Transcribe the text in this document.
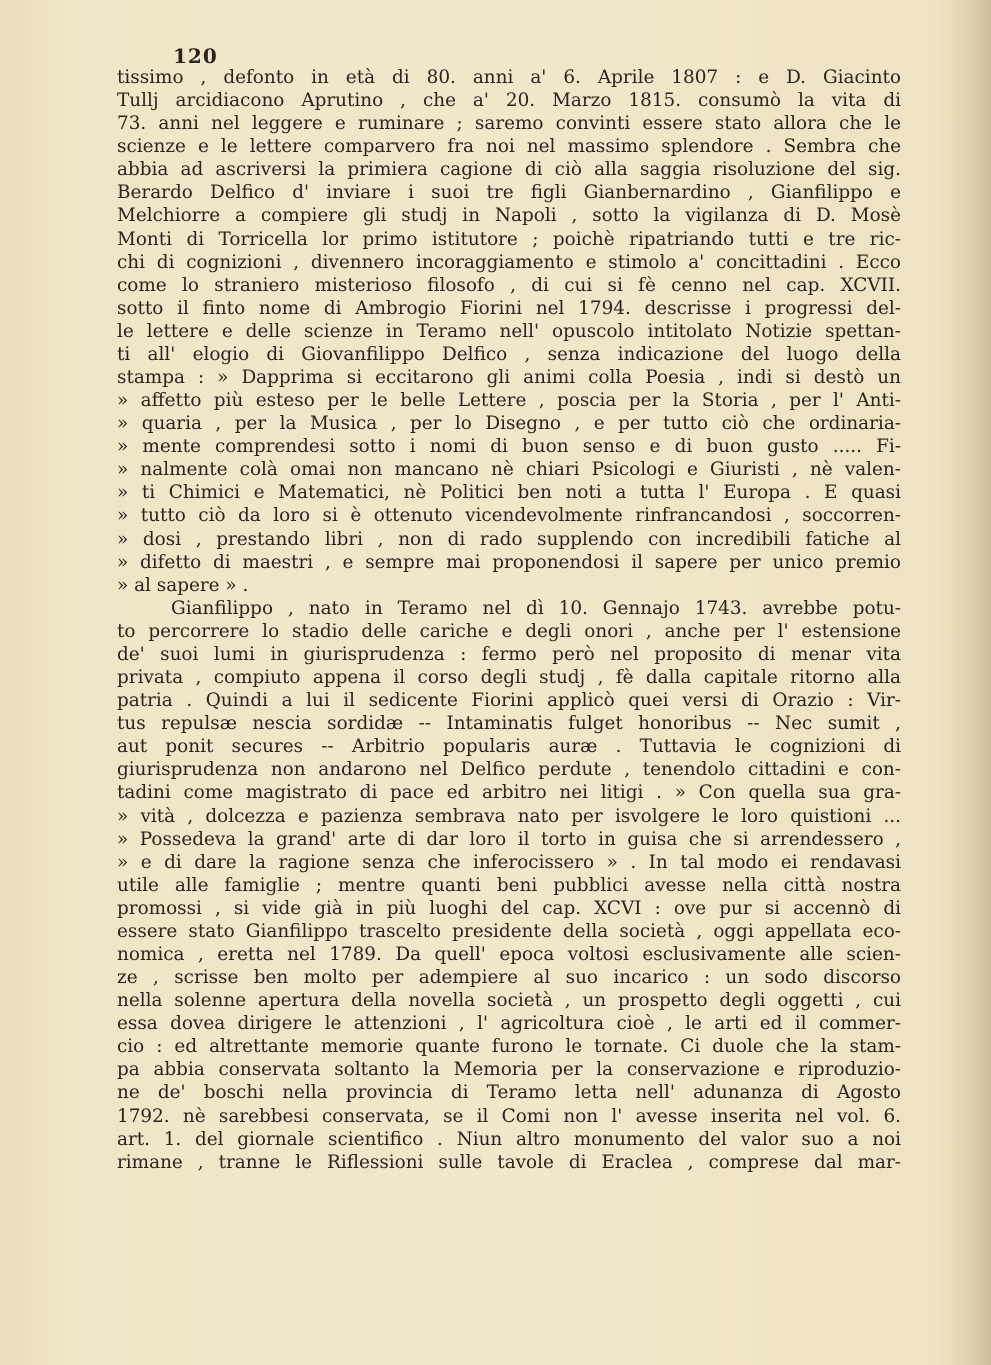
120
tissimo , defonto in età di 80. anni a' 6. Aprile 1807 : e D. Giacinto
Tullj arcidiacono Aprutino , che a' 20. Marzo 1815. consumò la vita di
73. anni nel leggere e ruminare ; saremo convinti essere stato allora che le
scienze e le lettere comparvero fra noi nel massimo splendore . Sembra che
abbia ad ascriversi la primiera cagione di ciò alla saggia risoluzione del sig.
Berardo Delfico d' inviare i suoi tre figli Gianbernardino , Gianfilippo e
Melchiorre a compiere gli studj in Napoli , sotto la vigilanza di D. Mosè
Monti di Torricella lor primo istitutore ; poichè ripatriando tutti e tre ric-
chi di cognizioni , divennero incoraggiamento e stimolo a' concittadini . Ecco
come lo straniero misterioso filosofo , di cui si fè cenno nel cap. XCVII.
sotto il finto nome di Ambrogio Fiorini nel 1794. descrisse i progressi del-
le lettere e delle scienze in Teramo nell' opuscolo intitolato Notizie spettan-
ti all' elogio di Giovanfilippo Delfico , senza indicazione del luogo della
stampa : » Dapprima si eccitarono gli animi colla Poesia , indi si destò un
» affetto più esteso per le belle Lettere , poscia per la Storia , per l' Anti-
» quaria , per la Musica , per lo Disegno , e per tutto ciò che ordinaria-
» mente comprendesi sotto i nomi di buon senso e di buon gusto ..... Fi-
» nalmente colà omai non mancano nè chiari Psicologi e Giuristi , nè valen-
» ti Chimici e Matematici, nè Politici ben noti a tutta l' Europa . E quasi
» tutto ciò da loro si è ottenuto vicendevolmente rinfrancandosi , soccorren-
» dosi , prestando libri , non di rado supplendo con incredibili fatiche al
» difetto di maestri , e sempre mai proponendosi il sapere per unico premio
» al sapere » .
Gianfilippo , nato in Teramo nel dì 10. Gennajo 1743. avrebbe potu-
to percorrere lo stadio delle cariche e degli onori , anche per l' estensione
de' suoi lumi in giurisprudenza : fermo però nel proposito di menar vita
privata , compiuto appena il corso degli studj , fè dalla capitale ritorno alla
patria . Quindi a lui il sedicente Fiorini applicò quei versi di Orazio : Vir-
tus repulsæ nescia sordidæ -- Intaminatis fulget honoribus -- Nec sumit ,
aut ponit secures -- Arbitrio popularis auræ . Tuttavia le cognizioni di
giurisprudenza non andarono nel Delfico perdute , tenendolo cittadini e con-
tadini come magistrato di pace ed arbitro nei litigi . » Con quella sua gra-
» vità , dolcezza e pazienza sembrava nato per isvolgere le loro quistioni ...
» Possedeva la grand' arte di dar loro il torto in guisa che si arrendessero ,
» e di dare la ragione senza che inferocissero » . In tal modo ei rendavasi
utile alle famiglie ; mentre quanti beni pubblici avesse nella città nostra
promossi , si vide già in più luoghi del cap. XCVI : ove pur si accennò di
essere stato Gianfilippo trascelto presidente della società , oggi appellata eco-
nomica , eretta nel 1789. Da quell' epoca voltosi esclusivamente alle scien-
ze , scrisse ben molto per adempiere al suo incarico : un sodo discorso
nella solenne apertura della novella società , un prospetto degli oggetti , cui
essa dovea dirigere le attenzioni , l' agricoltura cioè , le arti ed il commer-
cio : ed altrettante memorie quante furono le tornate. Ci duole che la stam-
pa abbia conservata soltanto la Memoria per la conservazione e riproduzio-
ne de' boschi nella provincia di Teramo letta nell' adunanza di Agosto
1792. nè sarebbesi conservata, se il Comi non l' avesse inserita nel vol. 6.
art. 1. del giornale scientifico . Niun altro monumento del valor suo a noi
rimane , tranne le Riflessioni sulle tavole di Eraclea , comprese dal mar-
